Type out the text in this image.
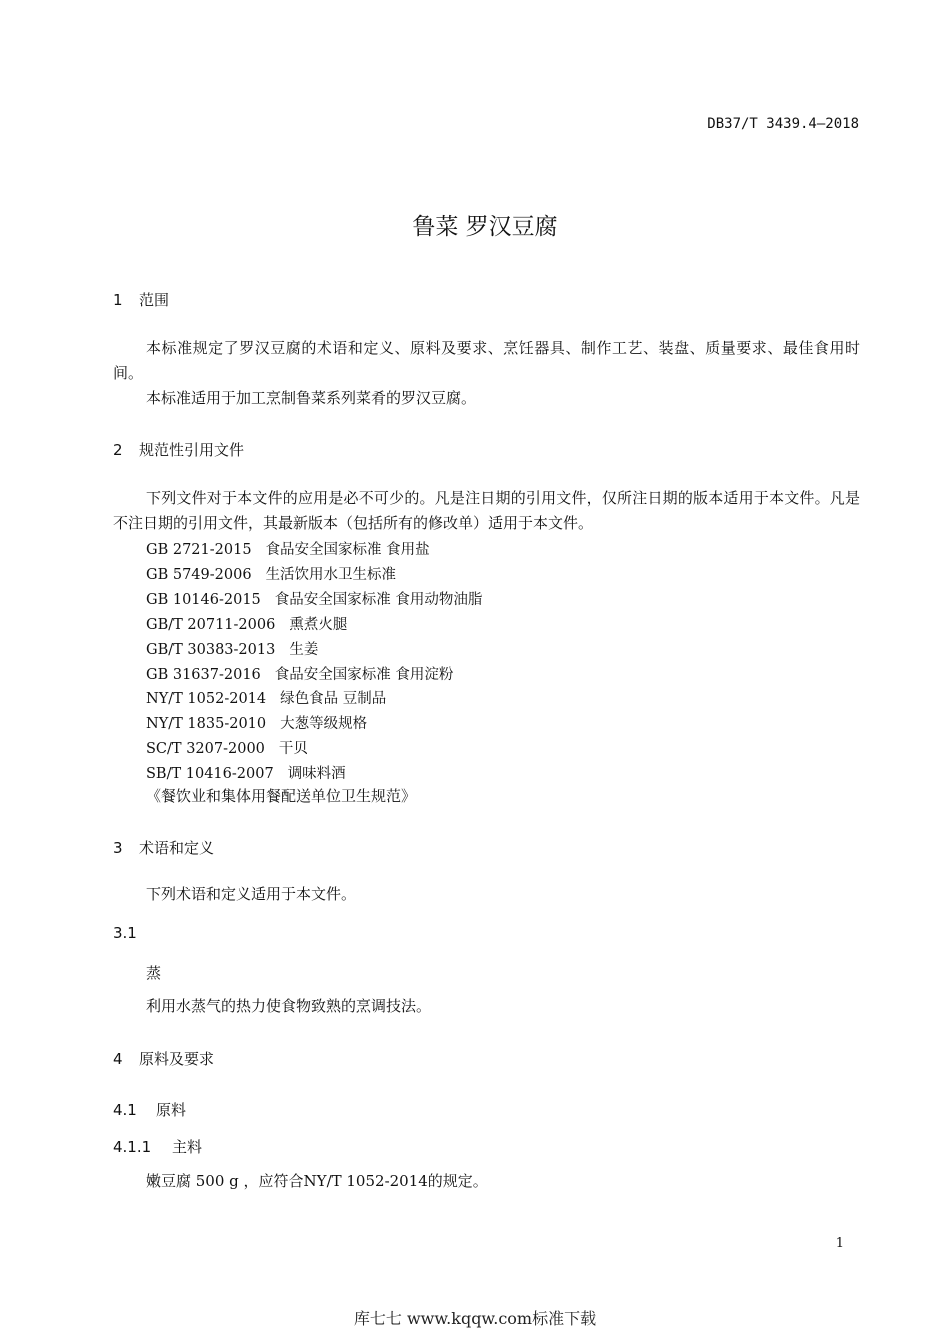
DB37/T 3439.4—2018
鲁菜 罗汉豆腐
1 范围
本标准规定了罗汉豆腐的术语和定义、原料及要求、烹饪器具、制作工艺、装盘、质量要求、最佳食用时间。
本标准适用于加工烹制鲁菜系列菜肴的罗汉豆腐。
2 规范性引用文件
下列文件对于本文件的应用是必不可少的。凡是注日期的引用文件，仅所注日期的版本适用于本文件。凡是不注日期的引用文件，其最新版本（包括所有的修改单）适用于本文件。
GB 2721-2015 食品安全国家标准 食用盐
GB 5749-2006 生活饮用水卫生标准
GB 10146-2015 食品安全国家标准 食用动物油脂
GB/T 20711-2006 熏煮火腿
GB/T 30383-2013 生姜
GB 31637-2016 食品安全国家标准 食用淀粉
NY/T 1052-2014 绿色食品 豆制品
NY/T 1835-2010 大葱等级规格
SC/T 3207-2000 干贝
SB/T 10416-2007 调味料酒
《餐饮业和集体用餐配送单位卫生规范》
3 术语和定义
下列术语和定义适用于本文件。
3.1
蒸
利用水蒸气的热力使食物致熟的烹调技法。
4 原料及要求
4.1 原料
4.1.1 主料
嫩豆腐 500 g ，应符合NY/T 1052-2014的规定。
1
库七七 www.kqqw.com标准下载
